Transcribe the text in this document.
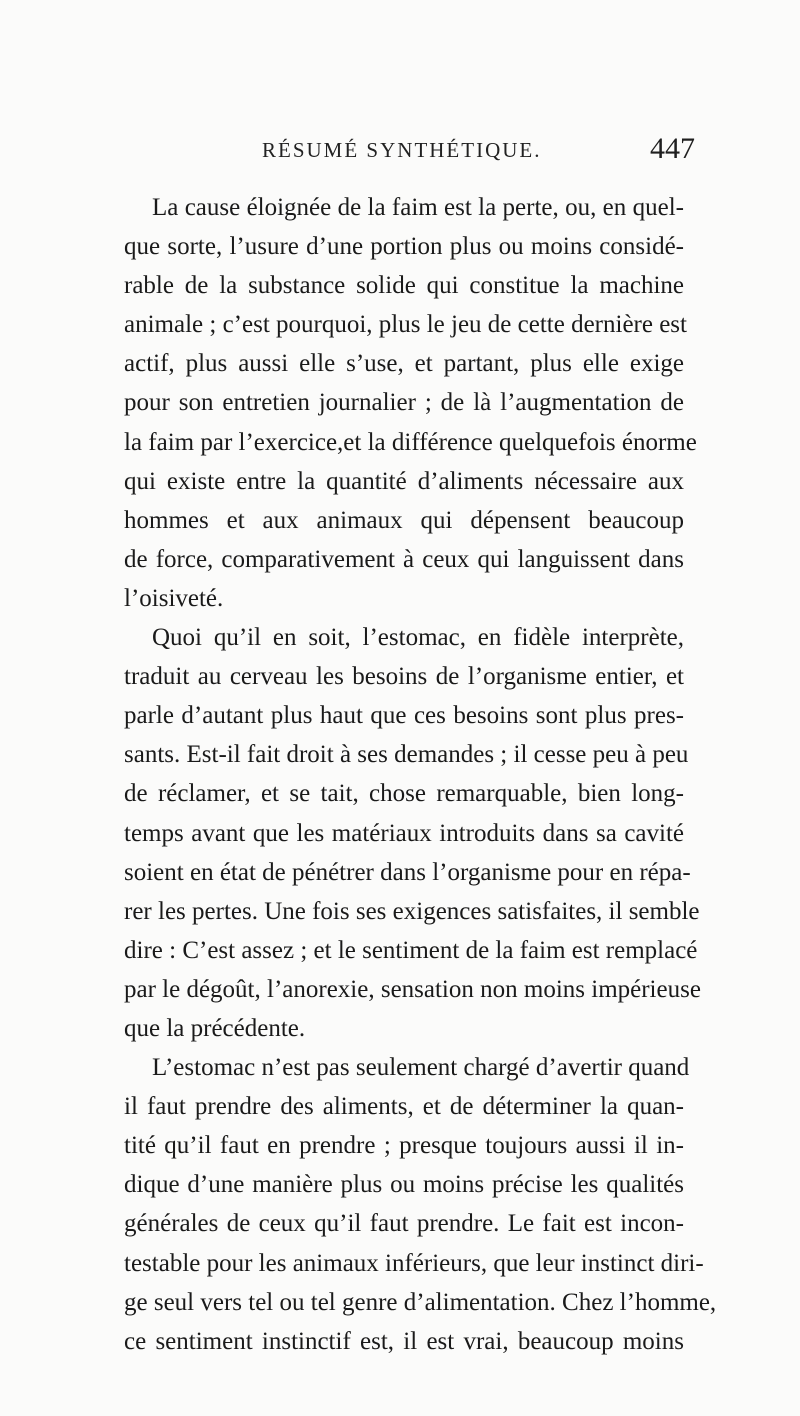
RÉSUMÉ SYNTHÉTIQUE.	447
La cause éloignée de la faim est la perte, ou, en quel-
que sorte, l’usure d’une portion plus ou moins considé-
rable de la substance solide qui constitue la machine
animale ; c’est pourquoi, plus le jeu de cette dernière est
actif, plus aussi elle s’use, et partant, plus elle exige
pour son entretien journalier ; de là l’augmentation de
la faim par l’exercice,et la différence quelquefois énorme
qui existe entre la quantité d’aliments nécessaire aux
hommes et aux animaux qui dépensent beaucoup
de force, comparativement à ceux qui languissent dans
l’oisiveté.
Quoi qu’il en soit, l’estomac, en fidèle interprète,
traduit au cerveau les besoins de l’organisme entier, et
parle d’autant plus haut que ces besoins sont plus pres-
sants. Est-il fait droit à ses demandes ; il cesse peu à peu
de réclamer, et se tait, chose remarquable, bien long-
temps avant que les matériaux introduits dans sa cavité
soient en état de pénétrer dans l’organisme pour en répa-
rer les pertes. Une fois ses exigences satisfaites, il semble
dire : C’est assez ; et le sentiment de la faim est remplacé
par le dégoût, l’anorexie, sensation non moins impérieuse
que la précédente.
L’estomac n’est pas seulement chargé d’avertir quand
il faut prendre des aliments, et de déterminer la quan-
tité qu’il faut en prendre ; presque toujours aussi il in-
dique d’une manière plus ou moins précise les qualités
générales de ceux qu’il faut prendre. Le fait est incon-
testable pour les animaux inférieurs, que leur instinct diri-
ge seul vers tel ou tel genre d’alimentation. Chez l’homme,
ce sentiment instinctif est, il est vrai, beaucoup moins
